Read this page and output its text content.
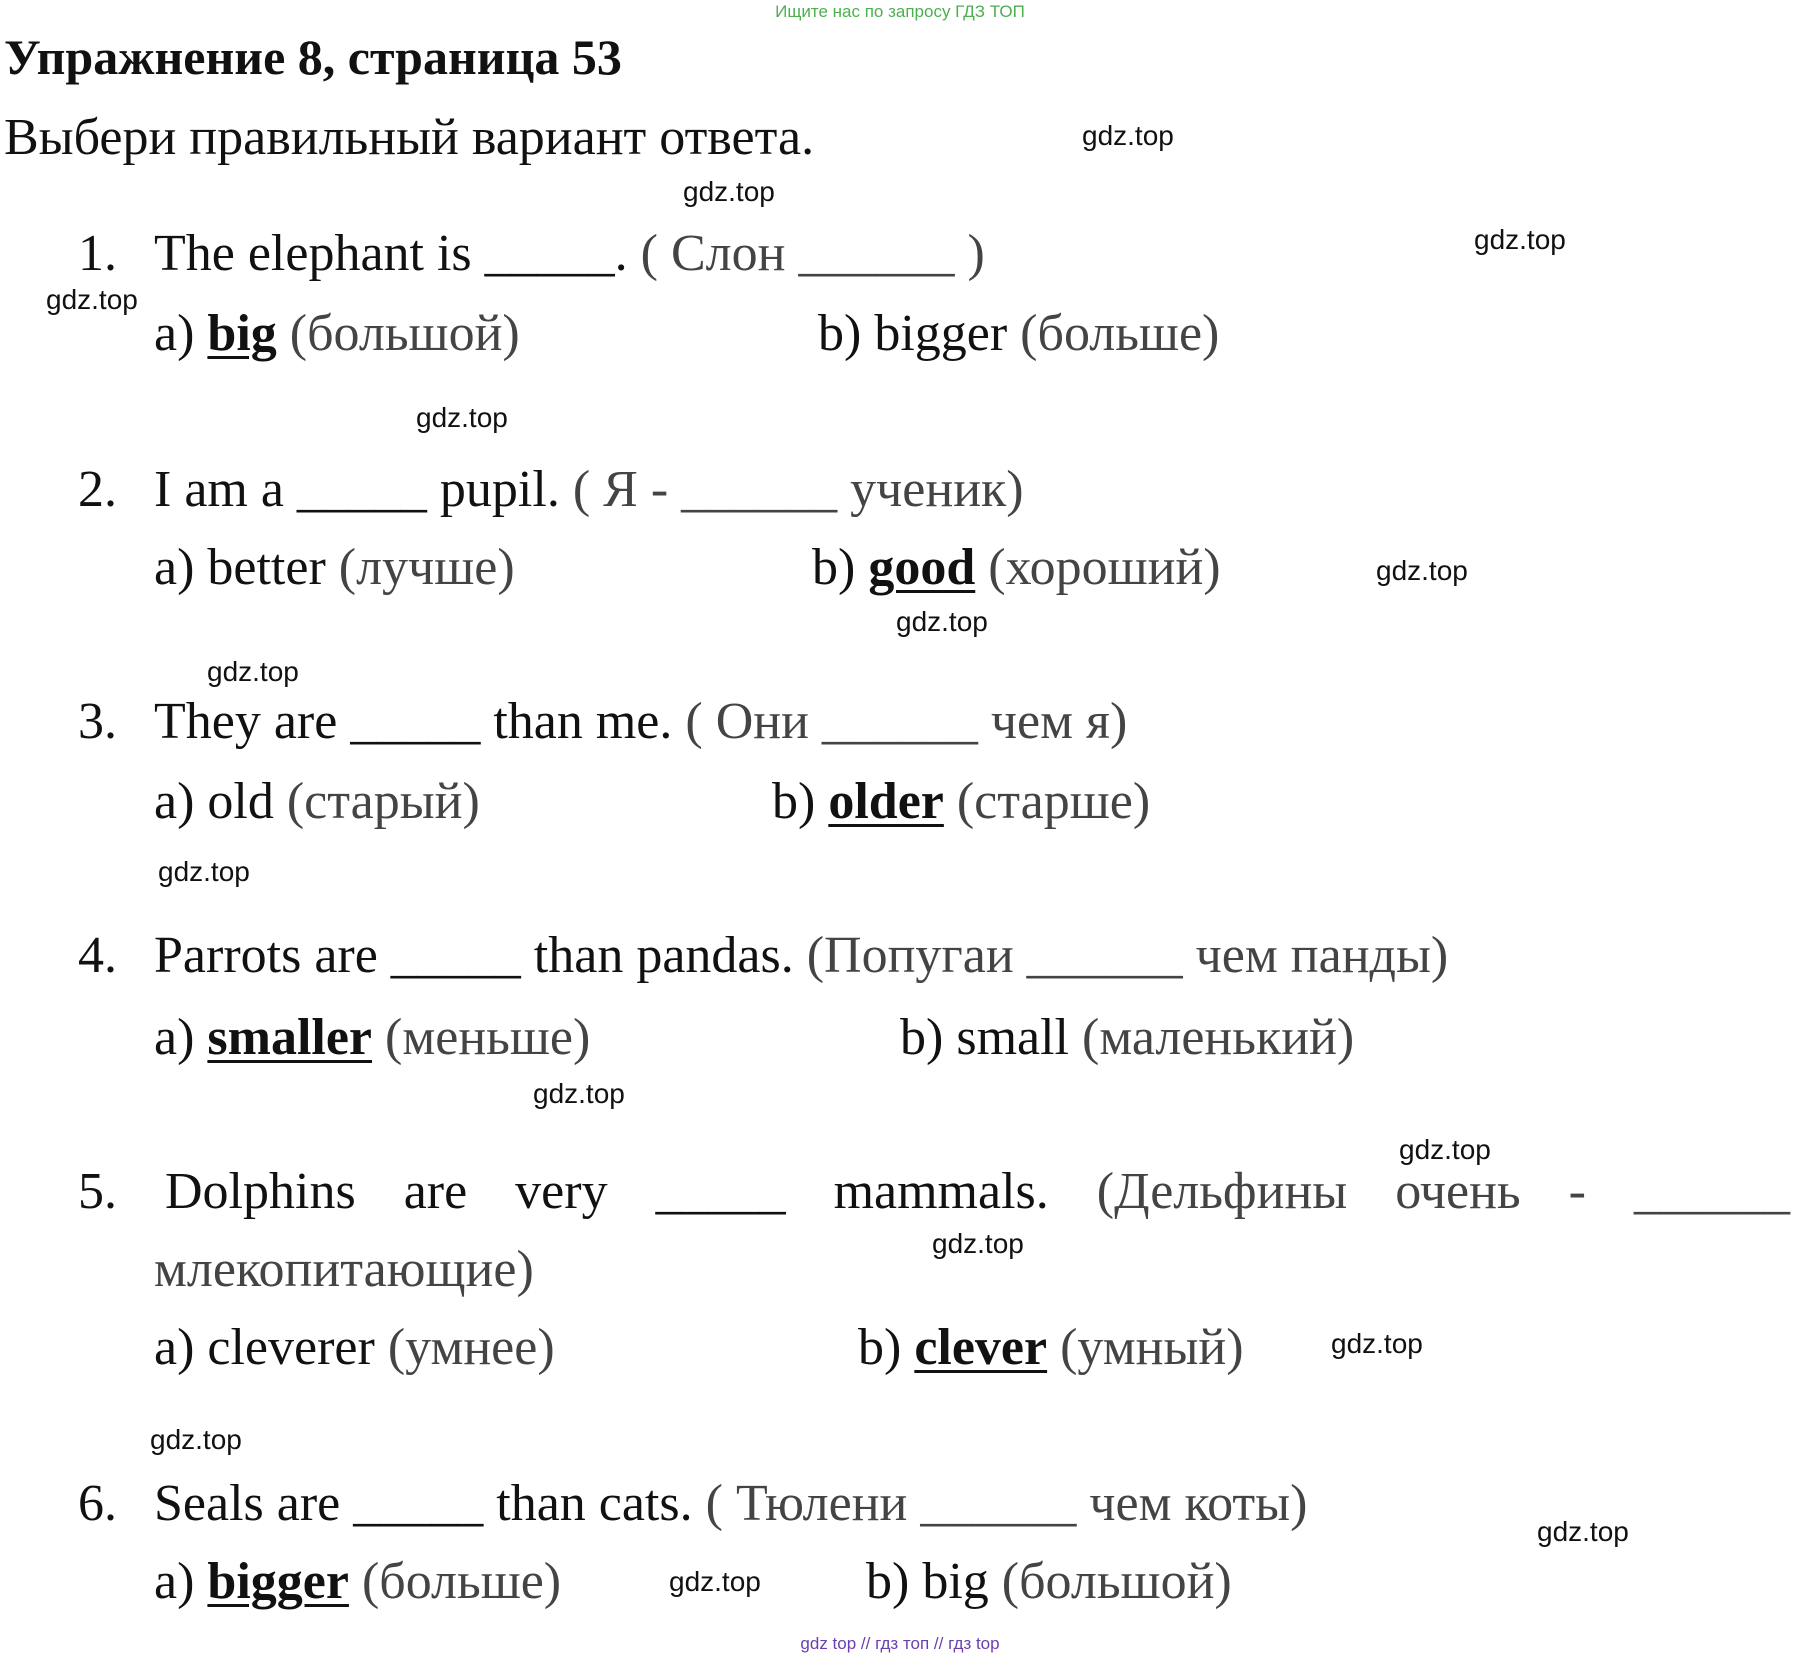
Ищите нас по запросу ГДЗ ТОП
Упражнение 8, страница 53
Выбери правильный вариант ответа.
1. The elephant is _____. ( Слон ______ )
a) big (большой)	b) bigger (больше)
2. I am a _____ pupil. ( Я - ______ ученик)
a) better (лучше)	b) good (хороший)
3. They are _____ than me. ( Они ______ чем я)
a) old (старый)	b) older (старше)
4. Parrots are _____ than pandas. (Попугаи ______ чем панды)
a) smaller (меньше)	b) small (маленький)
5. Dolphins are very _____ mammals. (Дельфины очень - ______
млекопитающие)
a) cleverer (умнее)	b) clever (умный)
6. Seals are _____ than cats. ( Тюлени ______ чем коты)
a) bigger (больше)	b) big (большой)
gdz.top
gdz.top
gdz.top
gdz.top
gdz.top
gdz.top
gdz.top
gdz.top
gdz.top
gdz.top
gdz.top
gdz.top
gdz.top
gdz.top
gdz.top
gdz.top
gdz top // гдз топ // гдз top
